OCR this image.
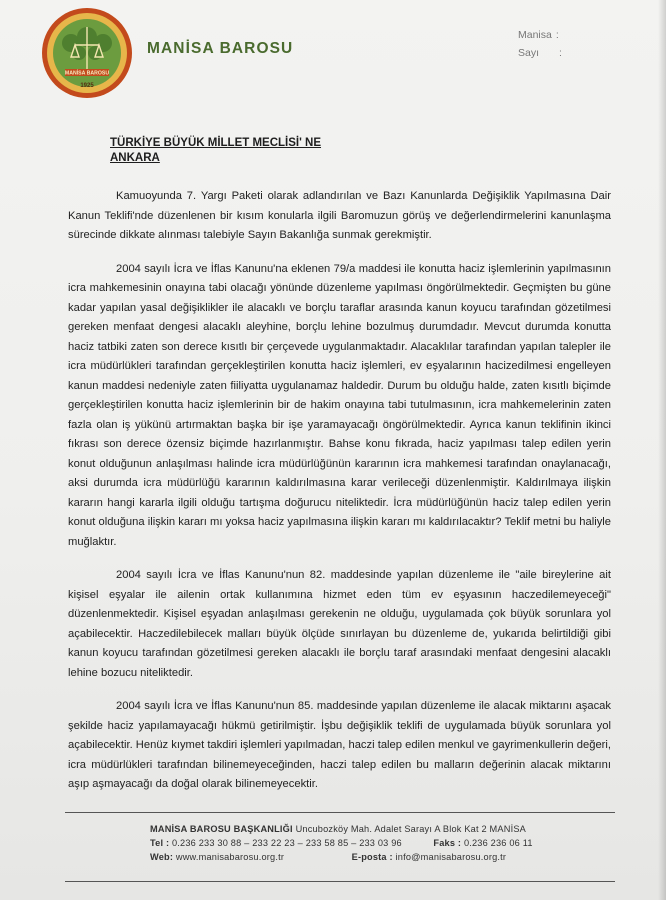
MANİSA BAROSU
1925
MANİSA BAROSU
Manisa :
Sayı :
TÜRKİYE BÜYÜK MİLLET MECLİSİ' NE
ANKARA

Kamuoyunda 7. Yargı Paketi olarak adlandırılan ve Bazı Kanunlarda Değişiklik Yapılmasına Dair Kanun Teklifi'nde düzenlenen bir kısım konularla ilgili Baromuzun görüş ve değerlendirmelerini kanunlaşma sürecinde dikkate alınması talebiyle Sayın Bakanlığa sunmak gerekmiştir.

2004 sayılı İcra ve İflas Kanunu'na eklenen 79/a maddesi ile konutta haciz işlemlerinin yapılmasının icra mahkemesinin onayına tabi olacağı yönünde düzenleme yapılması öngörülmektedir. Geçmişten bu güne kadar yapılan yasal değişiklikler ile alacaklı ve borçlu taraflar arasında kanun koyucu tarafından gözetilmesi gereken menfaat dengesi alacaklı aleyhine, borçlu lehine bozulmuş durumdadır. Mevcut durumda konutta haciz tatbiki zaten son derece kısıtlı bir çerçevede uygulanmaktadır. Alacaklılar tarafından yapılan talepler ile icra müdürlükleri tarafından gerçekleştirilen konutta haciz işlemleri, ev eşyalarının hacizedilmesi engelleyen kanun maddesi nedeniyle zaten fiiliyatta uygulanamaz haldedir. Durum bu olduğu halde, zaten kısıtlı biçimde gerçekleştirilen konutta haciz işlemlerinin bir de hakim onayına tabi tutulmasının, icra mahkemelerinin zaten fazla olan iş yükünü artırmaktan başka bir işe yaramayacağı öngörülmektedir. Ayrıca kanun teklifinin ikinci fıkrası son derece özensiz biçimde hazırlanmıştır. Bahse konu fıkrada, haciz yapılması talep edilen yerin konut olduğunun anlaşılması halinde icra müdürlüğünün kararının icra mahkemesi tarafından onaylanacağı, aksi durumda icra müdürlüğü kararının kaldırılmasına karar verileceği düzenlenmiştir. Kaldırılmaya ilişkin kararın hangi kararla ilgili olduğu tartışma doğurucu niteliktedir. İcra müdürlüğünün haciz talep edilen yerin konut olduğuna ilişkin kararı mı yoksa haciz yapılmasına ilişkin kararı mı kaldırılacaktır? Teklif metni bu haliyle muğlaktır.

2004 sayılı İcra ve İflas Kanunu'nun 82. maddesinde yapılan düzenleme ile "aile bireylerine ait kişisel eşyalar ile ailenin ortak kullanımına hizmet eden tüm ev eşyasının haczedilemeyeceği" düzenlenmektedir. Kişisel eşyadan anlaşılması gerekenin ne olduğu, uygulamada çok büyük sorunlara yol açabilecektir. Haczedilebilecek malları büyük ölçüde sınırlayan bu düzenleme de, yukarıda belirtildiği gibi kanun koyucu tarafından gözetilmesi gereken alacaklı ile borçlu taraf arasındaki menfaat dengesini alacaklı lehine bozucu niteliktedir.

2004 sayılı İcra ve İflas Kanunu'nun 85. maddesinde yapılan düzenleme ile alacak miktarını aşacak şekilde haciz yapılamayacağı hükmü getirilmiştir. İşbu değişiklik teklifi de uygulamada büyük sorunlara yol açabilecektir. Henüz kıymet takdiri işlemleri yapılmadan, haczi talep edilen menkul ve gayrimenkullerin değeri, icra müdürlükleri tarafından bilinemeyeceğinden, haczi talep edilen bu malların değerinin alacak miktarını aşıp aşmayacağı da doğal olarak bilinemeyecektir.

MANİSA BAROSU BAŞKANLIĞI Uncubozköy Mah. Adalet Sarayı A Blok Kat 2 MANİSA
Tel : 0.236 233 30 88 – 233 22 23 – 233 58 85 – 233 03 96	Faks : 0.236 236 06 11
Web: www.manisabarosu.org.tr	E-posta : info@manisabarosu.org.tr
